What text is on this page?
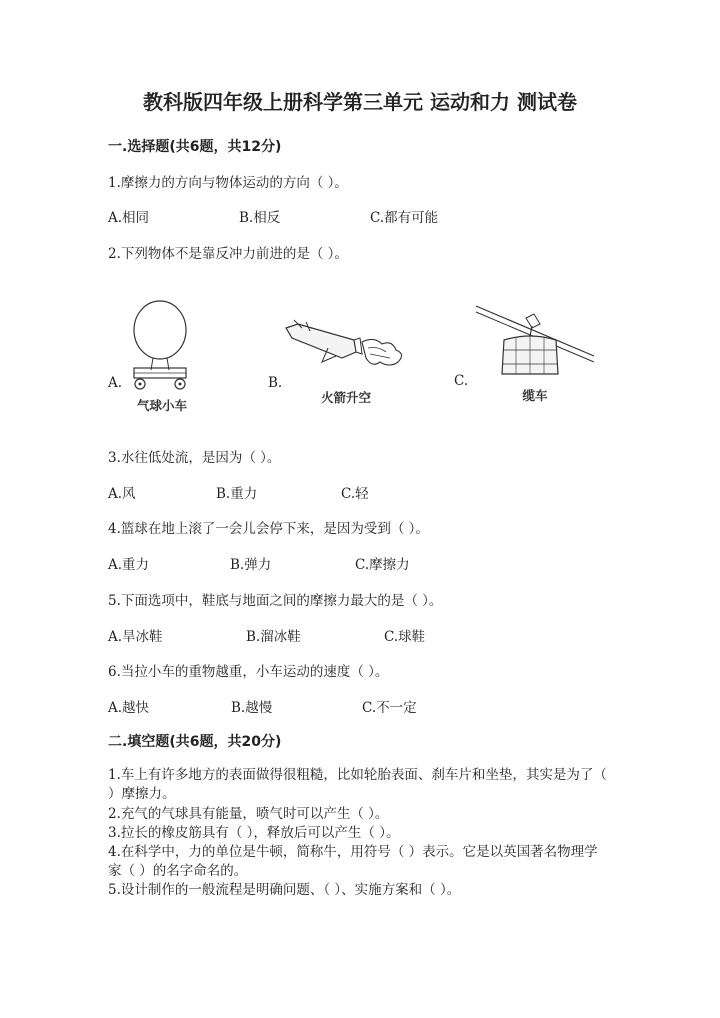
教科版四年级上册科学第三单元 运动和力 测试卷
一.选择题(共6题，共12分)
1.摩擦力的方向与物体运动的方向（ ）。
A.相同	B.相反	C.都有可能
2.下列物体不是靠反冲力前进的是（ ）。
A.
气球小车
B.
火箭升空
C.
缆车
3.水往低处流，是因为（ ）。
A.风	B.重力	C.轻
4.篮球在地上滚了一会儿会停下来，是因为受到（ ）。
A.重力	B.弹力	C.摩擦力
5.下面选项中，鞋底与地面之间的摩擦力最大的是（ ）。
A.旱冰鞋	B.溜冰鞋	C.球鞋
6.当拉小车的重物越重，小车运动的速度（ ）。
A.越快	B.越慢	C.不一定
二.填空题(共6题，共20分)
1.车上有许多地方的表面做得很粗糙，比如轮胎表面、刹车片和坐垫，其实是为了（ ）摩擦力。
2.充气的气球具有能量，喷气时可以产生（ ）。
3.拉长的橡皮筋具有（ ），释放后可以产生（ ）。
4.在科学中，力的单位是牛顿，简称牛，用符号（ ）表示。它是以英国著名物理学家（ ）的名字命名的。
5.设计制作的一般流程是明确问题、（ ）、实施方案和（ ）。
